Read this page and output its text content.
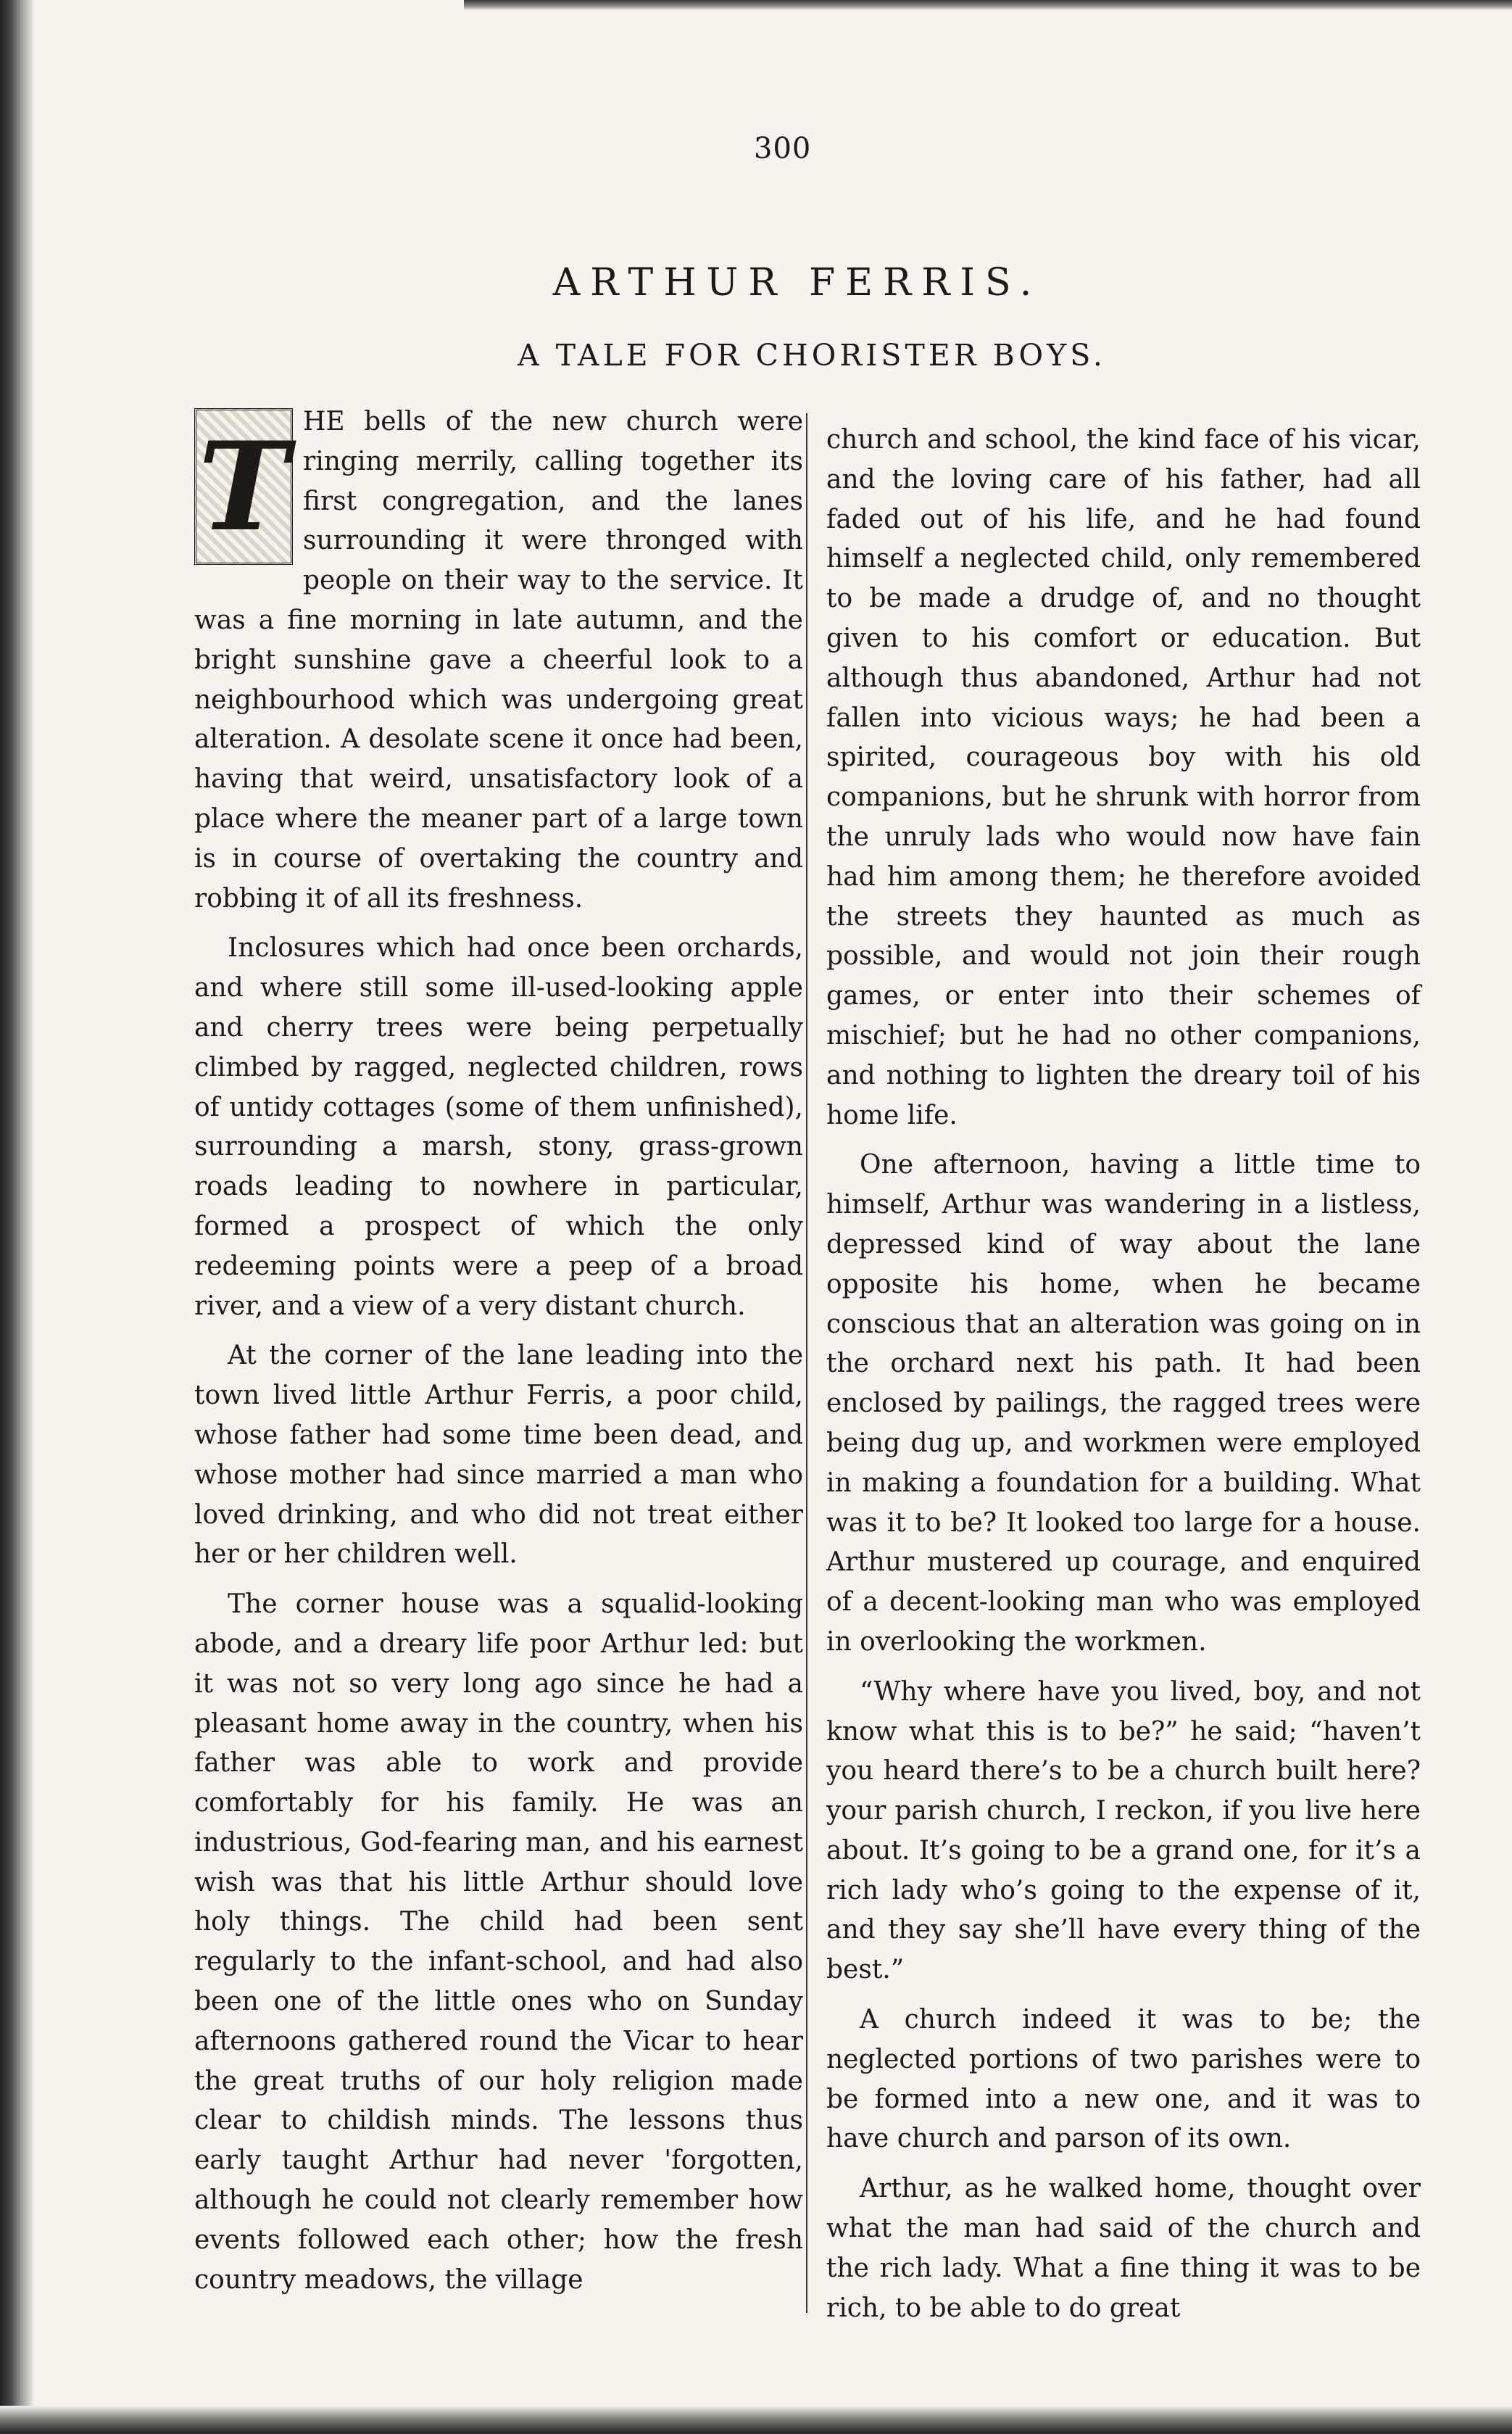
300
ARTHUR FERRIS.
A TALE FOR CHORISTER BOYS.

T HE bells of the new church were ringing merrily, calling together its first congregation, and the lanes surrounding it were thronged with people on their way to the service. It was a fine morning in late autumn, and the bright sunshine gave a cheerful look to a neighbourhood which was undergoing great alteration. A desolate scene it once had been, having that weird, unsatisfactory look of a place where the meaner part of a large town is in course of overtaking the country and robbing it of all its freshness.

Inclosures which had once been orchards, and where still some ill-used-looking apple and cherry trees were being perpetually climbed by ragged, neglected children, rows of untidy cottages (some of them unfinished), surrounding a marsh, stony, grass-grown roads leading to nowhere in particular, formed a prospect of which the only redeeming points were a peep of a broad river, and a view of a very distant church.

At the corner of the lane leading into the town lived little Arthur Ferris, a poor child, whose father had some time been dead, and whose mother had since married a man who loved drinking, and who did not treat either her or her children well.

The corner house was a squalid-looking abode, and a dreary life poor Arthur led: but it was not so very long ago since he had a pleasant home away in the country, when his father was able to work and provide comfortably for his family. He was an industrious, God-fearing man, and his earnest wish was that his little Arthur should love holy things. The child had been sent regularly to the infant-school, and had also been one of the little ones who on Sunday afternoons gathered round the Vicar to hear the great truths of our holy religion made clear to childish minds. The lessons thus early taught Arthur had never 'forgotten, although he could not clearly remember how events followed each other; how the fresh country meadows, the village

church and school, the kind face of his vicar, and the loving care of his father, had all faded out of his life, and he had found himself a neglected child, only remembered to be made a drudge of, and no thought given to his comfort or education. But although thus abandoned, Arthur had not fallen into vicious ways; he had been a spirited, courageous boy with his old companions, but he shrunk with horror from the unruly lads who would now have fain had him among them; he therefore avoided the streets they haunted as much as possible, and would not join their rough games, or enter into their schemes of mischief; but he had no other companions, and nothing to lighten the dreary toil of his home life.

One afternoon, having a little time to himself, Arthur was wandering in a listless, depressed kind of way about the lane opposite his home, when he became conscious that an alteration was going on in the orchard next his path. It had been enclosed by pailings, the ragged trees were being dug up, and workmen were employed in making a foundation for a building. What was it to be? It looked too large for a house. Arthur mustered up courage, and enquired of a decent-looking man who was employed in overlooking the workmen.

“Why where have you lived, boy, and not know what this is to be?” he said; “haven’t you heard there’s to be a church built here? your parish church, I reckon, if you live here about. It’s going to be a grand one, for it’s a rich lady who’s going to the expense of it, and they say she’ll have every thing of the best.”

A church indeed it was to be; the neglected portions of two parishes were to be formed into a new one, and it was to have church and parson of its own.

Arthur, as he walked home, thought over what the man had said of the church and the rich lady. What a fine thing it was to be rich, to be able to do great
